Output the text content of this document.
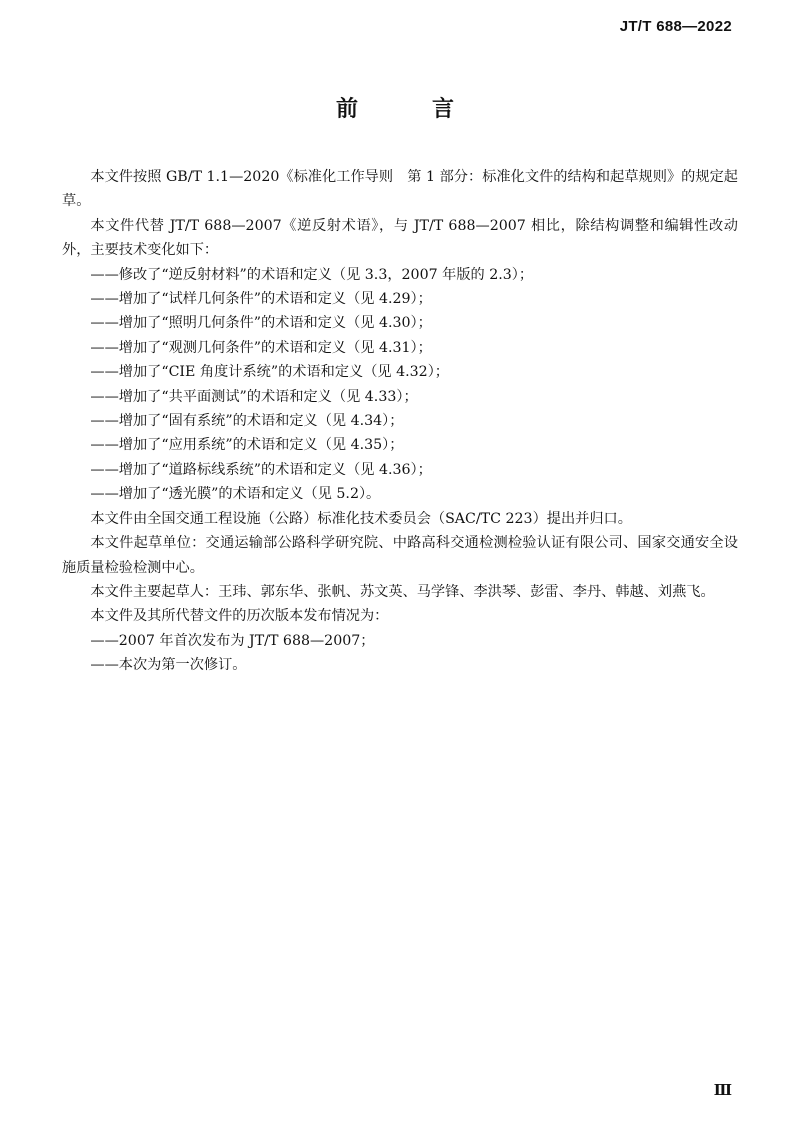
JT/T 688—2022
前　言

本文件按照 GB/T 1.1—2020《标准化工作导则　第 1 部分：标准化文件的结构和起草规则》的规定起草。

本文件代替 JT/T 688—2007《逆反射术语》，与 JT/T 688—2007 相比，除结构调整和编辑性改动外，主要技术变化如下：

——修改了“逆反射材料”的术语和定义（见 3.3，2007 年版的 2.3）；

——增加了“试样几何条件”的术语和定义（见 4.29）；

——增加了“照明几何条件”的术语和定义（见 4.30）；

——增加了“观测几何条件”的术语和定义（见 4.31）；

——增加了“CIE 角度计系统”的术语和定义（见 4.32）；

——增加了“共平面测试”的术语和定义（见 4.33）；

——增加了“固有系统”的术语和定义（见 4.34）；

——增加了“应用系统”的术语和定义（见 4.35）；

——增加了“道路标线系统”的术语和定义（见 4.36）；

——增加了“透光膜”的术语和定义（见 5.2）。

本文件由全国交通工程设施（公路）标准化技术委员会（SAC/TC 223）提出并归口。

本文件起草单位：交通运输部公路科学研究院、中路高科交通检测检验认证有限公司、国家交通安全设施质量检验检测中心。

本文件主要起草人：王玮、郭东华、张帆、苏文英、马学锋、李洪琴、彭雷、李丹、韩越、刘燕飞。

本文件及其所代替文件的历次版本发布情况为：

——2007 年首次发布为 JT/T 688—2007；

——本次为第一次修订。

Ⅲ
